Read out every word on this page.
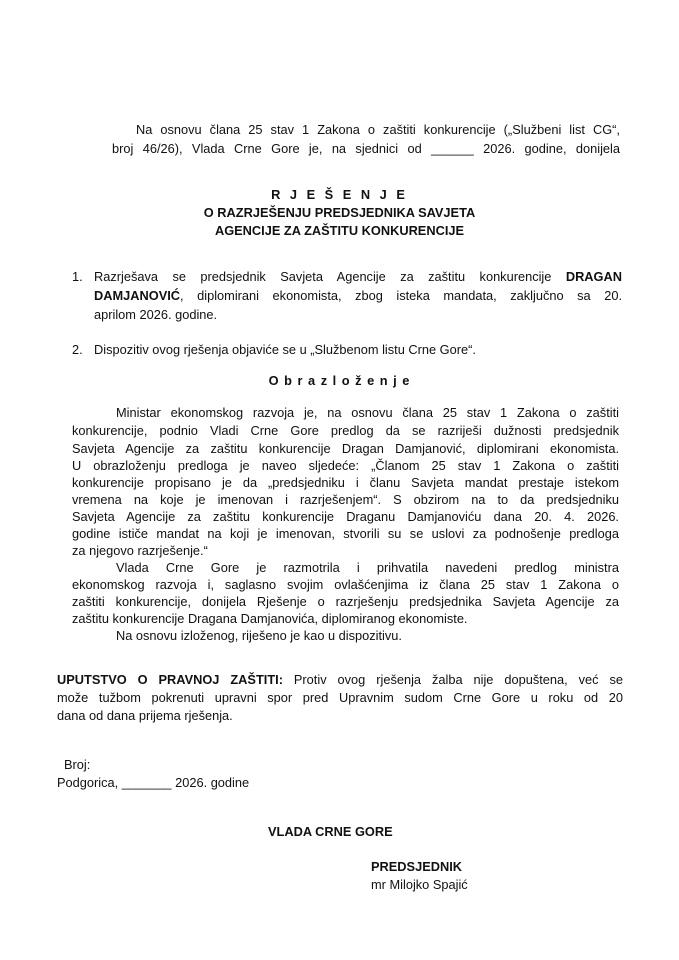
Na osnovu člana 25 stav 1 Zakona o zaštiti konkurencije („Službeni list CG“,
broj 46/26), Vlada Crne Gore je, na sjednici od ______ 2026. godine, donijela
R J E Š E N J E
O RAZRJEŠENJU PREDSJEDNIKA SAVJETA
AGENCIJE ZA ZAŠTITU KONKURENCIJE
1. Razrješava se predsjednik Savjeta Agencije za zaštitu konkurencije DRAGAN
DAMJANOVIĆ, diplomirani ekonomista, zbog isteka mandata, zaključno sa 20.
aprilom 2026. godine.
2. Dispozitiv ovog rješenja objaviće se u „Službenom listu Crne Gore“.
O b r a z l o ž e n j e
Ministar ekonomskog razvoja je, na osnovu člana 25 stav 1 Zakona o zaštiti
konkurencije, podnio Vladi Crne Gore predlog da se razriješi dužnosti predsjednik
Savjeta Agencije za zaštitu konkurencije Dragan Damjanović, diplomirani ekonomista.
U obrazloženju predloga je naveo sljedeće: „Članom 25 stav 1 Zakona o zaštiti
konkurencije propisano je da „predsjedniku i članu Savjeta mandat prestaje istekom
vremena na koje je imenovan i razrješenjem“. S obzirom na to da predsjedniku
Savjeta Agencije za zaštitu konkurencije Draganu Damjanoviću dana 20. 4. 2026.
godine ističe mandat na koji je imenovan, stvorili su se uslovi za podnošenje predloga
za njegovo razrješenje.“
Vlada Crne Gore je razmotrila i prihvatila navedeni predlog ministra
ekonomskog razvoja i, saglasno svojim ovlašćenjima iz člana 25 stav 1 Zakona o
zaštiti konkurencije, donijela Rješenje o razrješenju predsjednika Savjeta Agencije za
zaštitu konkurencije Dragana Damjanovića, diplomiranog ekonomiste.
Na osnovu izloženog, riješeno je kao u dispozitivu.
UPUTSTVO O PRAVNOJ ZAŠTITI: Protiv ovog rješenja žalba nije dopuštena, već se
može tužbom pokrenuti upravni spor pred Upravnim sudom Crne Gore u roku od 20
dana od dana prijema rješenja.
Broj:
Podgorica, _______ 2026. godine
VLADA CRNE GORE
PREDSJEDNIK
mr Milojko Spajić
